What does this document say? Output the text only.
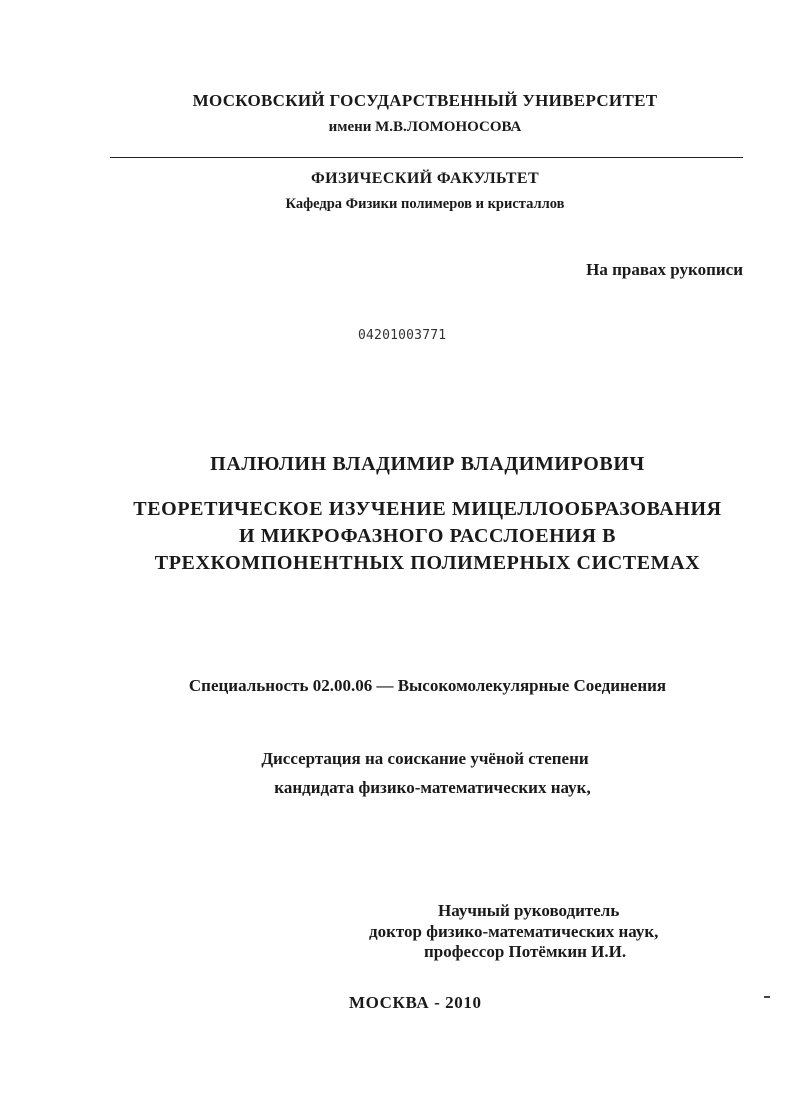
МОСКОВСКИЙ ГОСУДАРСТВЕННЫЙ УНИВЕРСИТЕТ
имени М.В.ЛОМОНОСОВА
ФИЗИЧЕСКИЙ ФАКУЛЬТЕТ
Кафедра Физики полимеров и кристаллов
На правах рукописи
04201003771
ПАЛЮЛИН ВЛАДИМИР ВЛАДИМИРОВИЧ
ТЕОРЕТИЧЕСКОЕ ИЗУЧЕНИЕ МИЦЕЛЛООБРАЗОВАНИЯ
И МИКРОФАЗНОГО РАССЛОЕНИЯ В
ТРЕХКОМПОНЕНТНЫХ ПОЛИМЕРНЫХ СИСТЕМАХ
Специальность 02.00.06 — Высокомолекулярные Соединения
Диссертация на соискание учёной степени
кандидата физико-математических наук,
Научный руководитель
доктор физико-математических наук,
профессор Потёмкин И.И.
МОСКВА - 2010
